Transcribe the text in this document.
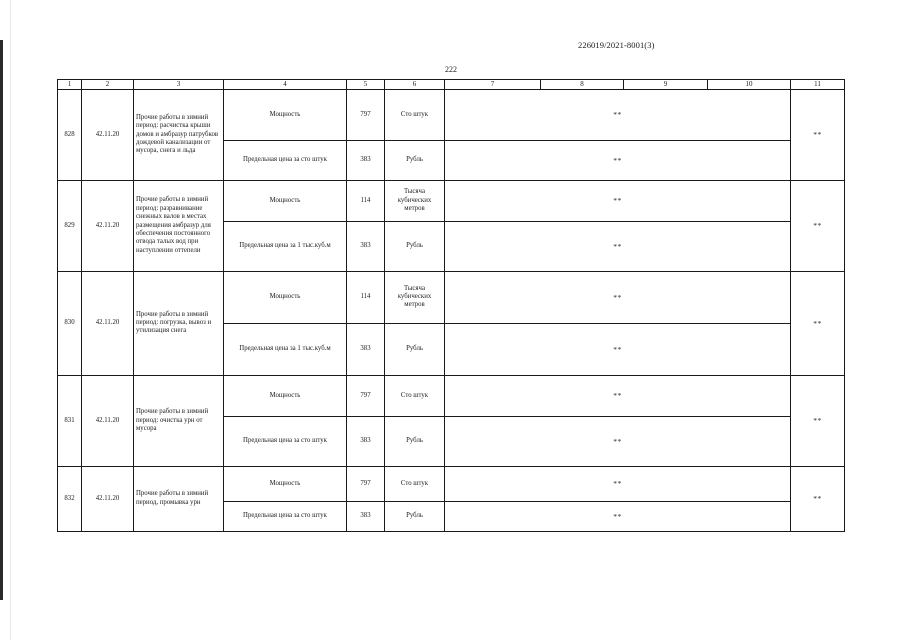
226019/2021-8001(3)
222
1	2	3	4	5	6	7	8	9	10	11
828	42.11.20	Прочие работы в зимний период: расчистка крыши домов и амбразур патрубков дождевой канализации от мусора, снега и льда	Мощность	797	Сто штук	**				**
			Предельная цена за сто штук	383	Рубль	**				
829	42.11.20	Прочие работы в зимний период: разравнивание снежных валов в местах размещения амбразур для обеспечения постоянного отвода талых вод при наступлении оттепели	Мощность	114	Тысяча кубических метров	**				**
			Предельная цена за 1 тыс.куб.м	383	Рубль	**				
830	42.11.20	Прочие работы в зимний период: погрузка, вывоз и утилизация снега	Мощность	114	Тысяча кубических метров	**				**
			Предельная цена за 1 тыс.куб.м	383	Рубль	**				
831	42.11.20	Прочие работы в зимний период: очистка урн от мусора	Мощность	797	Сто штук	**				**
			Предельная цена за сто штук	383	Рубль	**				
832	42.11.20	Прочие работы в зимний период, промывка урн	Мощность	797	Сто штук	**				**
			Предельная цена за сто штук	383	Рубль	**				
